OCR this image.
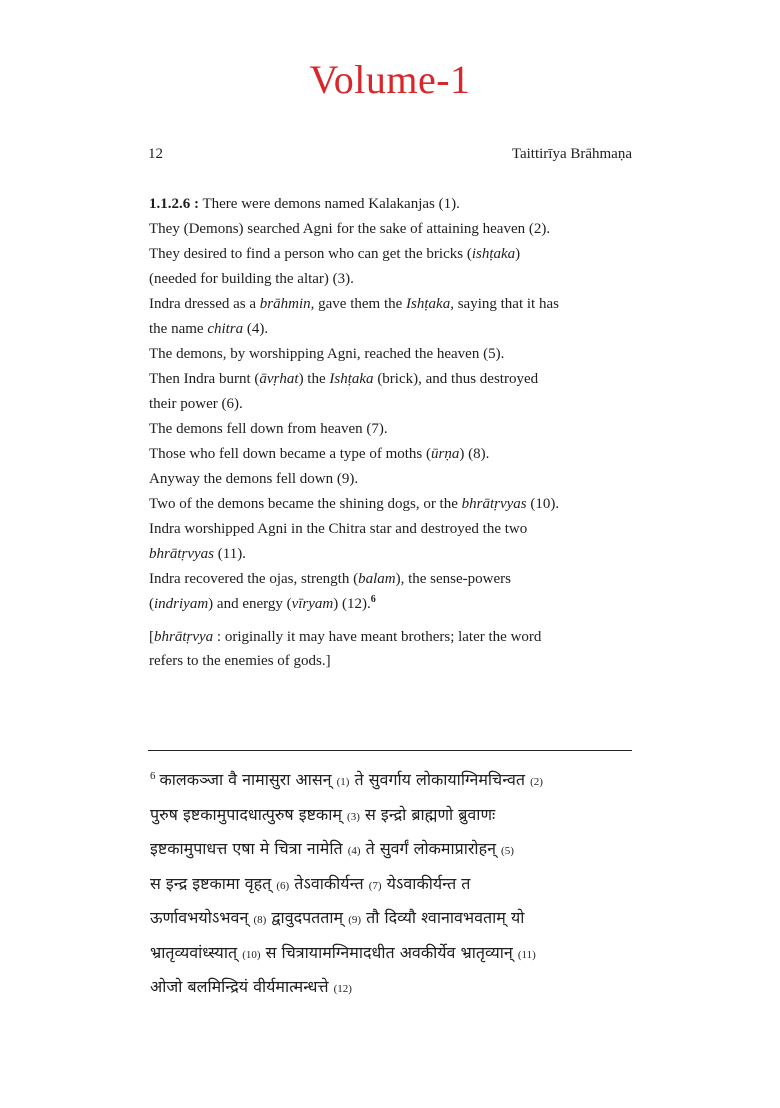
Volume-1
12	Taittirīya Brāhmaṇa
1.1.2.6 : There were demons named Kalakanjas (1).
They (Demons) searched Agni for the sake of attaining heaven (2).
They desired to find a person who can get the bricks (ishṭaka)
(needed for building the altar) (3).
Indra dressed as a brāhmin, gave them the Ishṭaka, saying that it has
the name chitra (4).
The demons, by worshipping Agni, reached the heaven (5).
Then Indra burnt (āvṛhat) the Ishṭaka (brick), and thus destroyed
their power (6).
The demons fell down from heaven (7).
Those who fell down became a type of moths (ūrṇa) (8).
Anyway the demons fell down (9).
Two of the demons became the shining dogs, or the bhrātṛvyas (10).
Indra worshipped Agni in the Chitra star and destroyed the two
bhrātṛvyas (11).
Indra recovered the ojas, strength (balam), the sense-powers
(indriyam) and energy (vīryam) (12).$^6$
[bhrātṛvya : originally it may have meant brothers; later the word
refers to the enemies of gods.]
$^6$ कालकञ्जा वै नामासुरा आसन् (1) ते सुवर्गाय लोकायाग्निमचिन्वत (2)
पुरुष इष्टकामुपादधात्पुरुष इष्टकाम् (3) स इन्द्रो ब्राह्मणो ब्रुवाणः
इष्टकामुपाधत्त एषा मे चित्रा नामेति (4) ते सुवर्गं लोकमाप्रारोहन् (5)
स इन्द्र इष्टकामा वृहत् (6) तेऽवाकीर्यन्त (7) येऽवाकीर्यन्त त
ऊर्णावभयोऽभवन् (8) द्वावुदपतताम् (9) तौ दिव्यौ श्वानावभवताम् यो
भ्रातृव्यवांध्स्यात् (10) स चित्रायामग्निमादधीत अवकीर्येव भ्रातृव्यान् (11)
ओजो बलमिन्द्रियं वीर्यमात्मन्धत्ते (12)
